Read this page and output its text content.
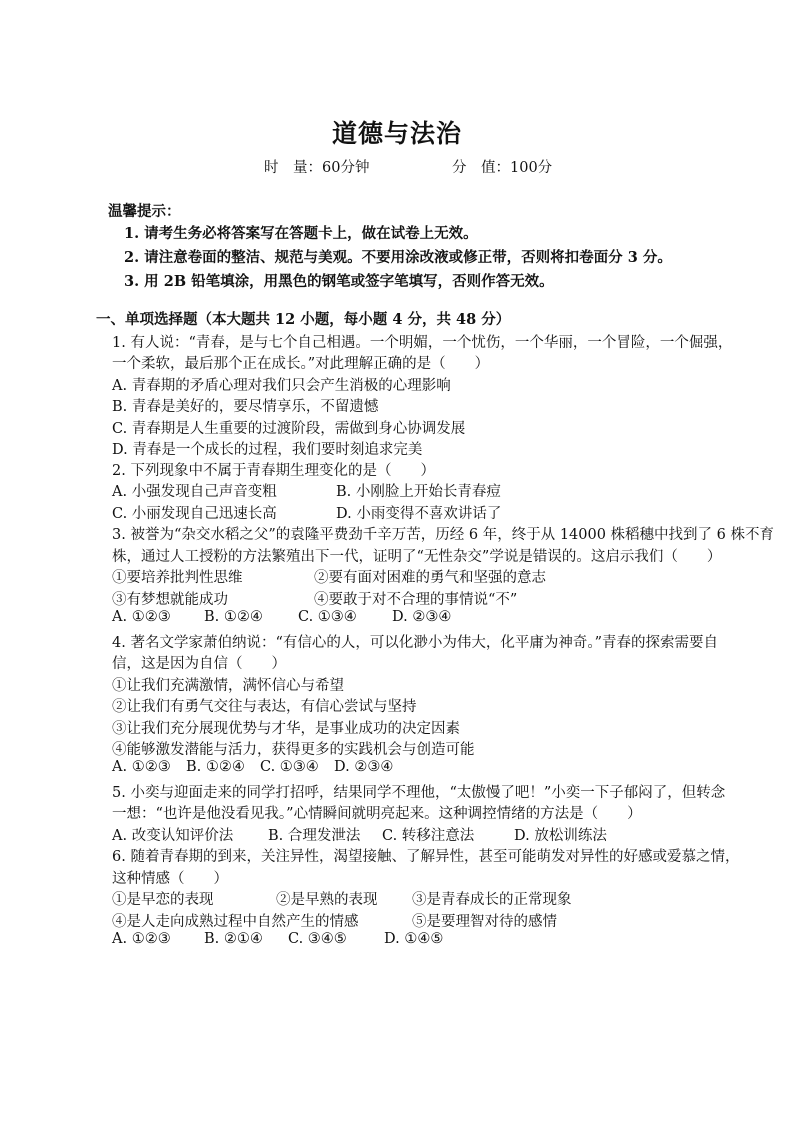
道德与法治
时　量：60分钟	分　值：100分
温馨提示：
1. 请考生务必将答案写在答题卡上，做在试卷上无效。
2. 请注意卷面的整洁、规范与美观。不要用涂改液或修正带，否则将扣卷面分 3 分。
3. 用 2B 铅笔填涂，用黑色的钢笔或签字笔填写，否则作答无效。
一、单项选择题（本大题共 12 小题，每小题 4 分，共 48 分）
1. 有人说：“青春，是与七个自己相遇。一个明媚，一个忧伤，一个华丽，一个冒险，一个倔强，
一个柔软，最后那个正在成长。”对此理解正确的是（　　）
A. 青春期的矛盾心理对我们只会产生消极的心理影响
B. 青春是美好的，要尽情享乐，不留遗憾
C. 青春期是人生重要的过渡阶段，需做到身心协调发展
D. 青春是一个成长的过程，我们要时刻追求完美
2. 下列现象中不属于青春期生理变化的是（　　）
A. 小强发现自己声音变粗	B. 小刚脸上开始长青春痘
C. 小丽发现自己迅速长高	D. 小雨变得不喜欢讲话了
3. 被誉为“杂交水稻之父”的袁隆平费劲千辛万苦，历经 6 年，终于从 14000 株稻穗中找到了 6 株不育
株，通过人工授粉的方法繁殖出下一代，证明了“无性杂交”学说是错误的。这启示我们（　　）
①要培养批判性思维	②要有面对困难的勇气和坚强的意志
③有梦想就能成功	④要敢于对不合理的事情说“不”
A. ①②③ B. ①②④ C. ①③④ D. ②③④
4. 著名文学家萧伯纳说：“有信心的人，可以化渺小为伟大，化平庸为神奇。”青春的探索需要自
信，这是因为自信（　　）
①让我们充满激情，满怀信心与希望
②让我们有勇气交往与表达，有信心尝试与坚持
③让我们充分展现优势与才华，是事业成功的决定因素
④能够激发潜能与活力，获得更多的实践机会与创造可能
A. ①②③ B. ①②④ C. ①③④ D. ②③④
5. 小奕与迎面走来的同学打招呼，结果同学不理他，“太傲慢了吧！”小奕一下子郁闷了，但转念
一想：“也许是他没看见我。”心情瞬间就明亮起来。这种调控情绪的方法是（　　）
A. 改变认知评价法 B. 合理发泄法 C. 转移注意法	D. 放松训练法
6. 随着青春期的到来，关注异性，渴望接触、了解异性，甚至可能萌发对异性的好感或爱慕之情，
这种情感（　　）
①是早恋的表现	②是早熟的表现 ③是青春成长的正常现象
④是人走向成熟过程中自然产生的情感	⑤是要理智对待的感情
A. ①②③ B. ②①④ C. ③④⑤	D. ①④⑤
